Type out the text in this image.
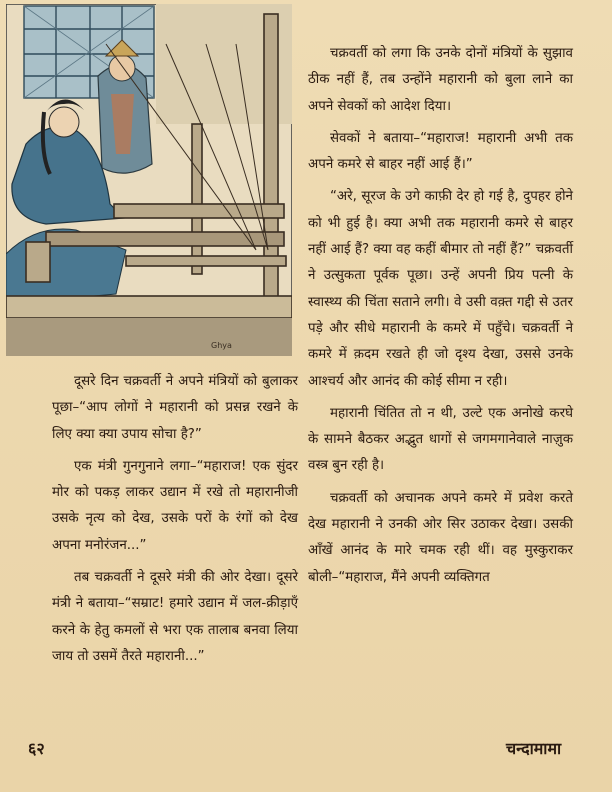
Ghya

दूसरे दिन चक्रवर्ती ने अपने मंत्रियों को बुलाकर पूछा–“आप लोगों ने महारानी को प्रसन्न रखने के लिए क्या क्या उपाय सोचा है?”

एक मंत्री गुनगुनाने लगा–“महाराज! एक सुंदर मोर को पकड़ लाकर उद्यान में रखे तो महारानीजी उसके नृत्य को देख, उसके परों के रंगों को देख अपना मनोरंजन...”

तब चक्रवर्ती ने दूसरे मंत्री की ओर देखा। दूसरे मंत्री ने बताया–“सम्राट! हमारे उद्यान में जल-क्रीड़ाएँ करने के हेतु कमलों से भरा एक तालाब बनवा लिया जाय तो उसमें तैरते महारानी...”

चक्रवर्ती को लगा कि उनके दोनों मंत्रियों के सुझाव ठीक नहीं हैं, तब उन्होंने महारानी को बुला लाने का अपने सेवकों को आदेश दिया।

सेवकों ने बताया–“महाराज! महारानी अभी तक अपने कमरे से बाहर नहीं आई हैं।”

“अरे, सूरज के उगे काफ़ी देर हो गई है, दुपहर होने को भी हुई है। क्या अभी तक महारानी कमरे से बाहर नहीं आई हैं? क्या वह कहीं बीमार तो नहीं हैं?” चक्रवर्ती ने उत्सुकता पूर्वक पूछा। उन्हें अपनी प्रिय पत्नी के स्वास्थ्य की चिंता सताने लगी। वे उसी वक़्त गद्दी से उतर पड़े और सीधे महारानी के कमरे में पहुँचे। चक्रवर्ती ने कमरे में क़दम रखते ही जो दृश्य देखा, उससे उनके आश्चर्य और आनंद की कोई सीमा न रही।

महारानी चिंतित तो न थी, उल्टे एक अनोखे करघे के सामने बैठकर अद्भुत धागों से जगमगानेवाले नाज़ुक वस्त्र बुन रही है।

चक्रवर्ती को अचानक अपने कमरे में प्रवेश करते देख महारानी ने उनकी ओर सिर उठाकर देखा। उसकी आँखें आनंद के मारे चमक रही थीं। वह मुस्कुराकर बोली–“महाराज, मैंने अपनी व्यक्तिगत

६२	चन्दामामा
